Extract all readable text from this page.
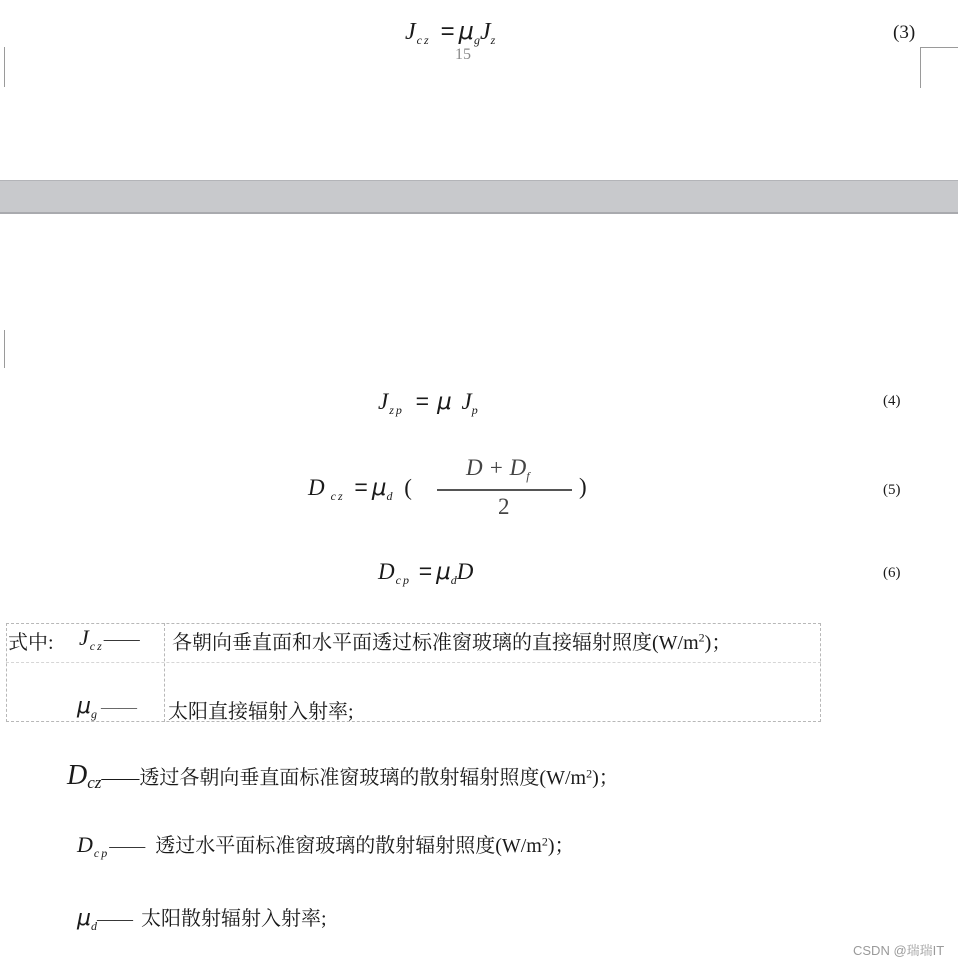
$J_{cz} = \mu_gJ_z$
15
(3)
$J_{zp} = \mu$ $J_p$
(4)
D $_{cz} = \mu_d$ (
$D + D_f$
2
)	(5)
$D_{cp} = \mu_dD$	(6)
式中: $J_{cz}——$ 各朝向垂直面和水平面透过标准窗玻璃的直接辐射照度$(W/m^2)$；
$\mu_g$ —— 太阳直接辐射入射率;
Dcz——透过各朝向垂直面标准窗玻璃的散射辐射照度$(W/m^2)$；
$D_{cp}——$ 透过水平面标准窗玻璃的散射辐射照度$(W/m^2)$；
$\mu_d——$ 太阳散射辐射入射率;
CSDN @瑞瑞IT
